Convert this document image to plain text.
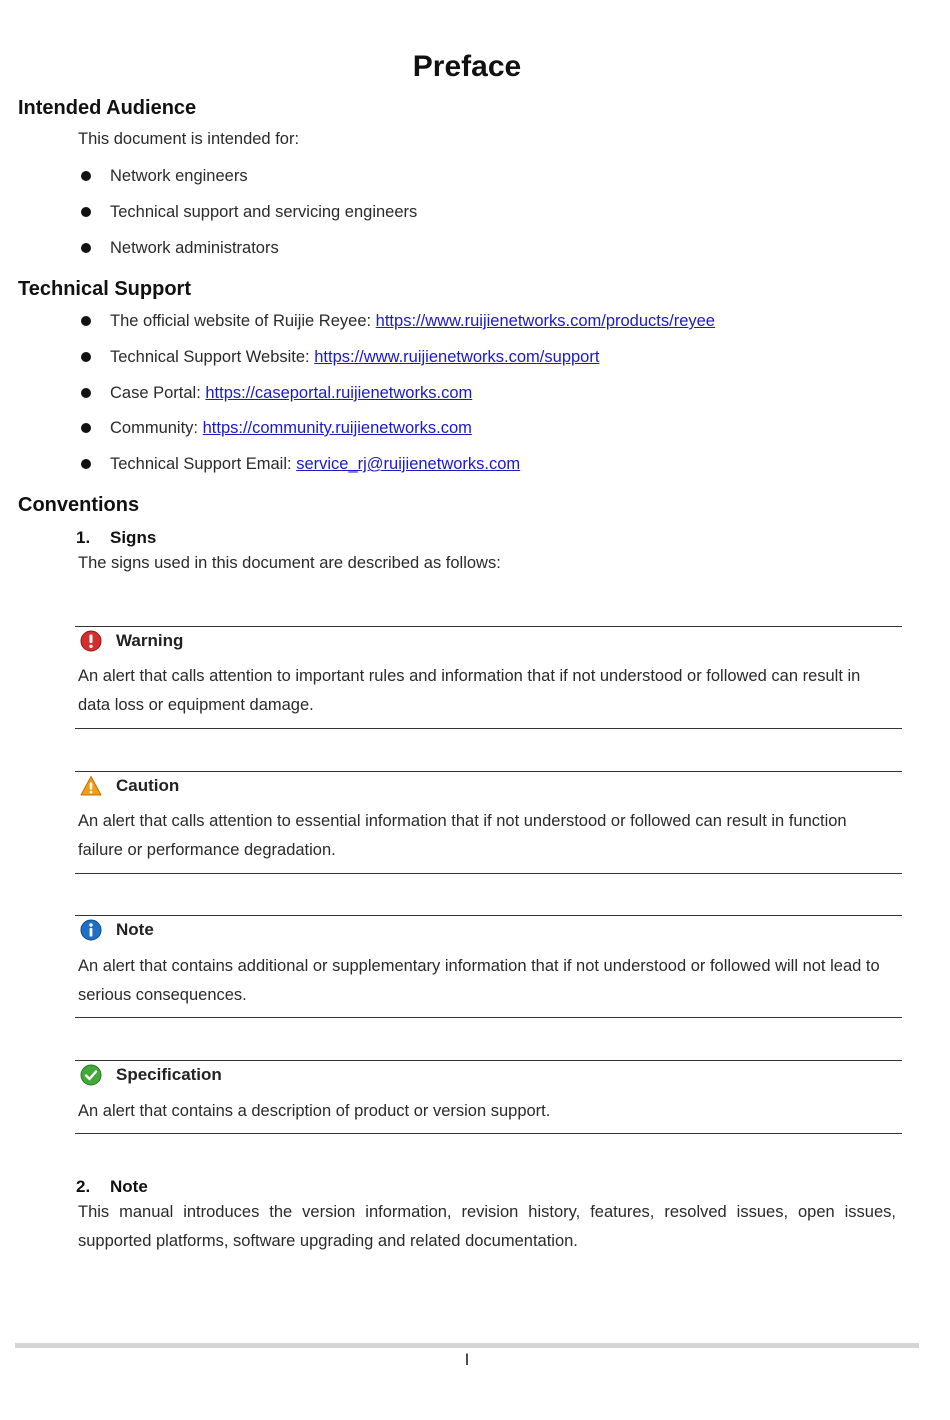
Preface
Intended Audience
This document is intended for:
Network engineers
Technical support and servicing engineers
Network administrators
Technical Support
The official website of Ruijie Reyee: https://www.ruijienetworks.com/products/reyee
Technical Support Website: https://www.ruijienetworks.com/support
Case Portal: https://caseportal.ruijienetworks.com
Community: https://community.ruijienetworks.com
Technical Support Email: service_rj@ruijienetworks.com
Conventions
1. Signs
The signs used in this document are described as follows:
Warning
An alert that calls attention to important rules and information that if not understood or followed can result in data loss or equipment damage.
Caution
An alert that calls attention to essential information that if not understood or followed can result in function failure or performance degradation.
Note
An alert that contains additional or supplementary information that if not understood or followed will not lead to serious consequences.
Specification
An alert that contains a description of product or version support.
2. Note
This manual introduces the version information, revision history, features, resolved issues, open issues, supported platforms, software upgrading and related documentation.
I
